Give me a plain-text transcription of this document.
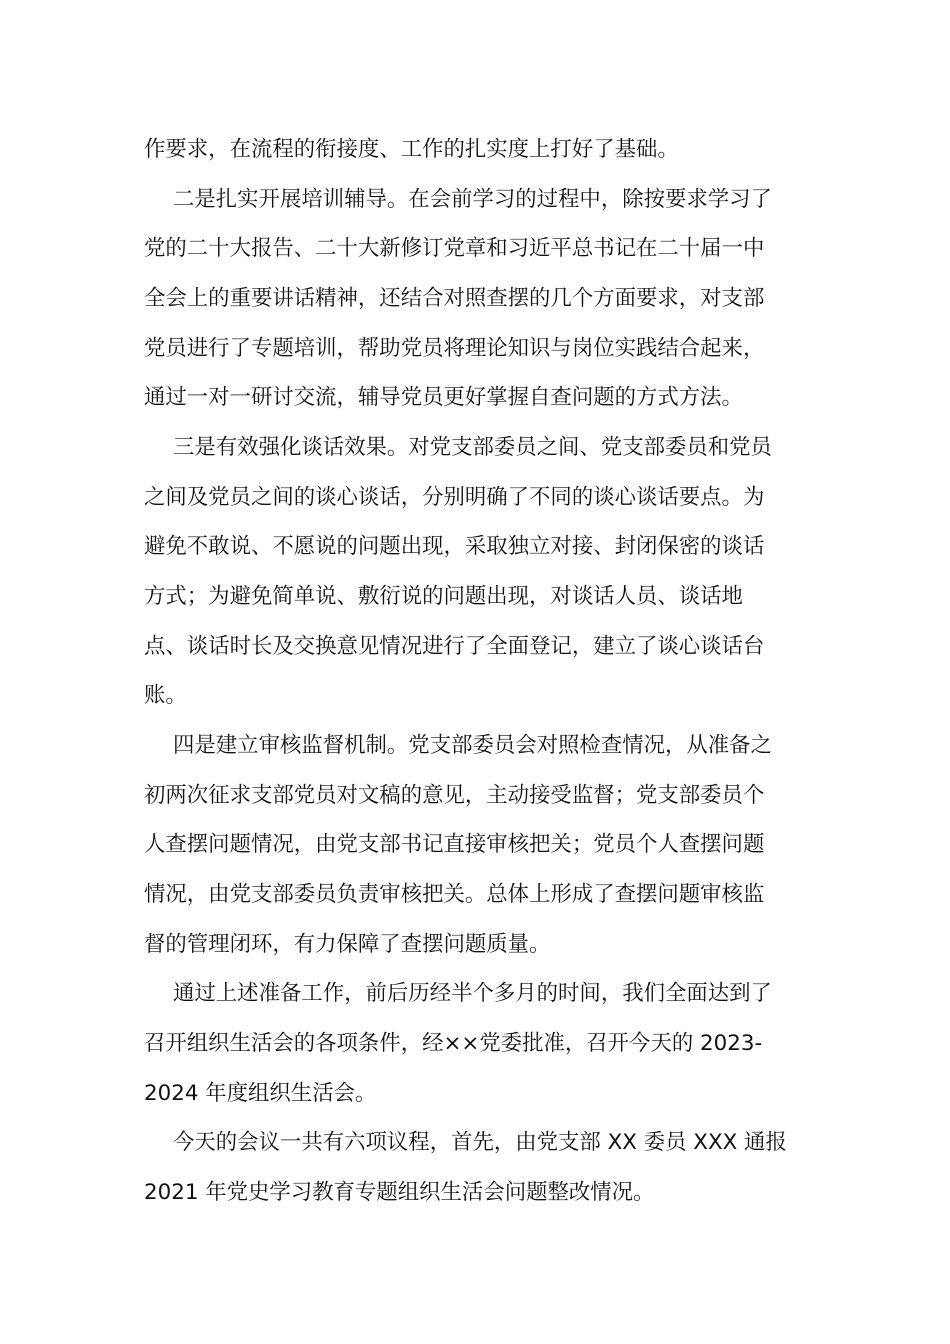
作要求，在流程的衔接度、工作的扎实度上打好了基础。
二是扎实开展培训辅导。在会前学习的过程中，除按要求学习了
党的二十大报告、二十大新修订党章和习近平总书记在二十届一中
全会上的重要讲话精神，还结合对照查摆的几个方面要求，对支部
党员进行了专题培训，帮助党员将理论知识与岗位实践结合起来，
通过一对一研讨交流，辅导党员更好掌握自查问题的方式方法。
三是有效强化谈话效果。对党支部委员之间、党支部委员和党员
之间及党员之间的谈心谈话，分别明确了不同的谈心谈话要点。为
避免不敢说、不愿说的问题出现，采取独立对接、封闭保密的谈话
方式；为避免简单说、敷衍说的问题出现，对谈话人员、谈话地
点、谈话时长及交换意见情况进行了全面登记，建立了谈心谈话台
账。
四是建立审核监督机制。党支部委员会对照检查情况，从准备之
初两次征求支部党员对文稿的意见，主动接受监督；党支部委员个
人查摆问题情况，由党支部书记直接审核把关；党员个人查摆问题
情况，由党支部委员负责审核把关。总体上形成了查摆问题审核监
督的管理闭环，有力保障了查摆问题质量。
通过上述准备工作，前后历经半个多月的时间，我们全面达到了
召开组织生活会的各项条件，经××党委批准，召开今天的 2023-
2024 年度组织生活会。
今天的会议一共有六项议程，首先，由党支部 XX 委员 XXX 通报
2021 年党史学习教育专题组织生活会问题整改情况。
